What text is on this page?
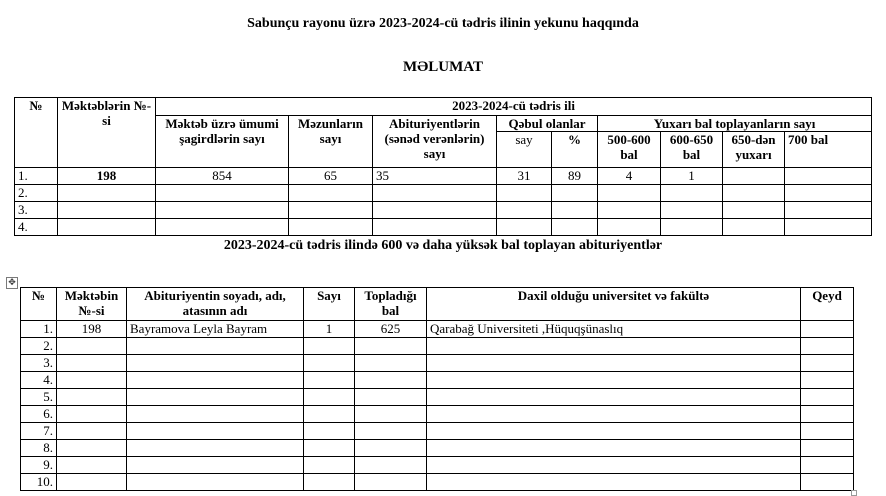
Sabunçu rayonu üzrə 2023-2024-cü tədris ilinin yekunu haqqında
MƏLUMAT
№	Məktəblərin №-si	2023-2024-cü tədris ili								
		Məktəb üzrə ümumi şagirdlərin sayı	Məzunların sayı	Abituriyentlərin (sənəd verənlərin) sayı	Qəbul olanlar		Yuxarı bal toplayanların sayı			
					say	%	500-600 bal	600-650 bal	650-dən yuxarı	700 bal

1.	198	854	65	35	31	89	4	1		
2.										
3.										
4.										
2023-2024-cü tədris ilində 600 və daha yüksək bal toplayan abituriyentlər
✥
№	Məktəbin №-si	Abituriyentin soyadı, adı, atasının adı	Sayı	Topladığı bal	Daxil olduğu universitet və fakültə	Qeyd
1.	198	Bayramova Leyla Bayram	1	625	Qarabağ Universiteti ,Hüquqşünaslıq	
2.						
3.						
4.						
5.						
6.						
7.						
8.						
9.						
10.						
